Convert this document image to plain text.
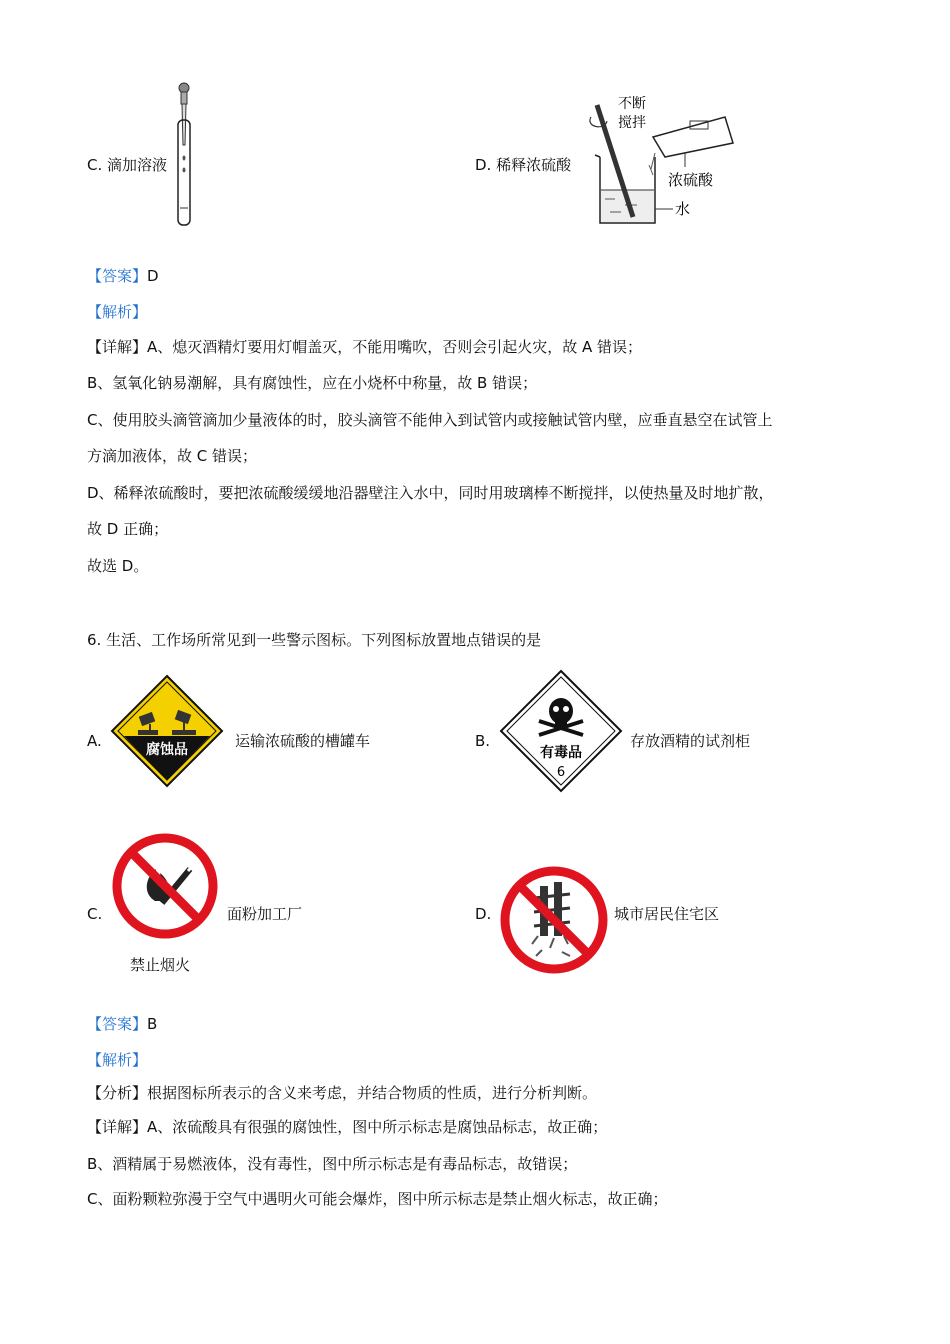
C. 滴加溶液	D. 稀释浓硫酸
不断
搅拌
浓硫酸
水
【答案】D
【解析】
【详解】A、熄灭酒精灯要用灯帽盖灭，不能用嘴吹，否则会引起火灾，故 A 错误；
B、氢氧化钠易潮解，具有腐蚀性，应在小烧杯中称量，故 B 错误；
C、使用胶头滴管滴加少量液体的时，胶头滴管不能伸入到试管内或接触试管内壁，应垂直悬空在试管上
方滴加液体，故 C 错误；
D、稀释浓硫酸时，要把浓硫酸缓缓地沿器壁注入水中，同时用玻璃棒不断搅拌，以使热量及时地扩散，
故 D 正确；
故选 D。
6. 生活、工作场所常见到一些警示图标。下列图标放置地点错误的是
A.	腐蚀品	运输浓硫酸的槽罐车	B.
有毒品
6
存放酒精的试剂柜
C.
禁止烟火
面粉加工厂	D.	城市居民住宅区
【答案】B
【解析】
【分析】根据图标所表示的含义来考虑，并结合物质的性质，进行分析判断。
【详解】A、浓硫酸具有很强的腐蚀性，图中所示标志是腐蚀品标志，故正确；
B、酒精属于易燃液体，没有毒性，图中所示标志是有毒品标志，故错误；
C、面粉颗粒弥漫于空气中遇明火可能会爆炸，图中所示标志是禁止烟火标志，故正确；
